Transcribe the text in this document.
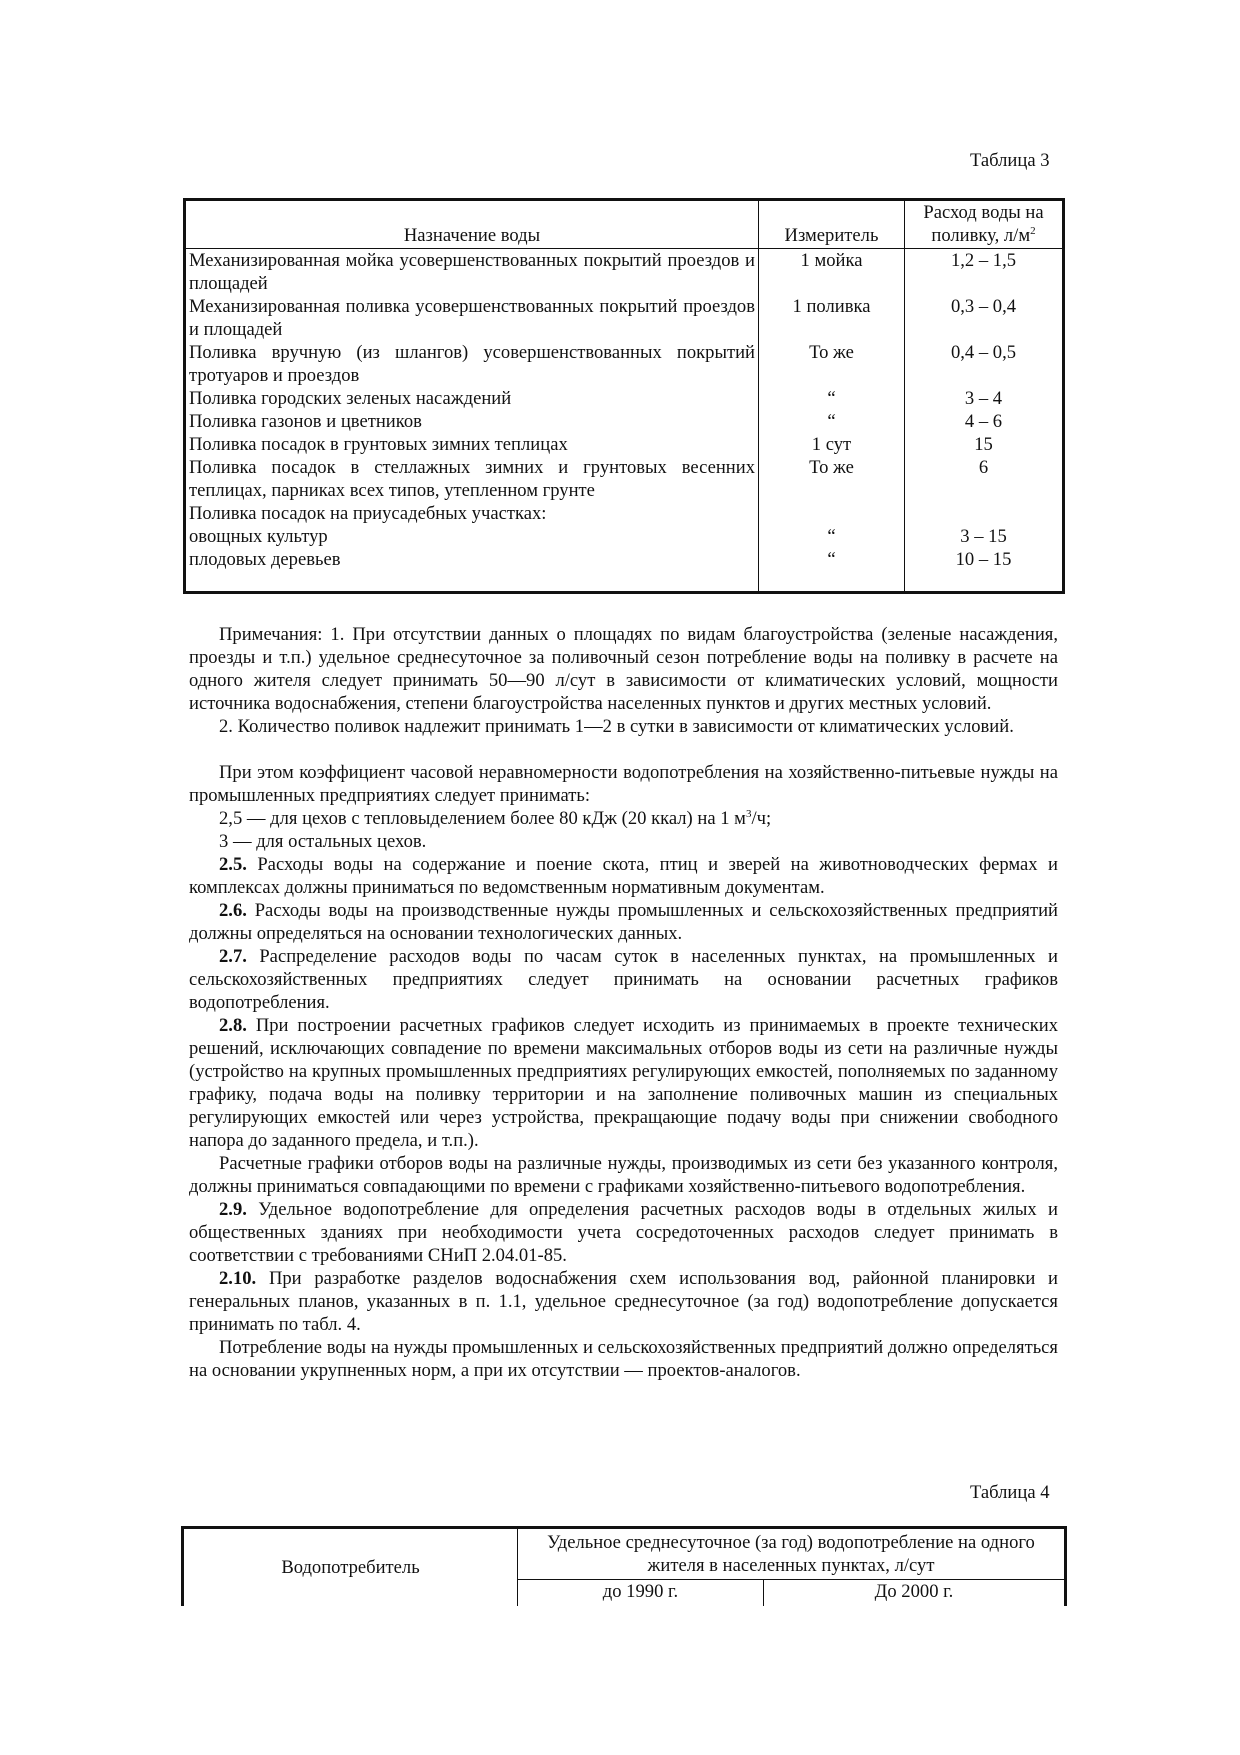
Таблица 3
Назначение воды	Измеритель	Расход воды на
поливку, $л/м^2$
Механизированная мойка усовершенствованных покрытий проездов и площадей	1 мойка	1,2 – 1,5
Механизированная поливка усовершенствованных покрытий проездов и площадей	1 поливка	0,3 – 0,4
Поливка вручную (из шлангов) усовершенствованных покрытий тротуаров и проездов	То же	0,4 – 0,5
Поливка городских зеленых насаждений	“	3 – 4
Поливка газонов и цветников	“	4 – 6
Поливка посадок в грунтовых зимних теплицах	1 сут	15
Поливка посадок в стеллажных зимних и грунтовых весенних теплицах, парниках всех типов, утепленном грунте	То же	6
Поливка посадок на приусадебных участках:		
овощных культур	“	3 – 15
плодовых деревьев	“	10 – 15

Примечания: 1. При отсутствии данных о площадях по видам благоустройства (зеленые насаждения, проезды и т.п.) удельное среднесуточное за поливочный сезон потребление воды на поливку в расчете на одного жителя следует принимать 50—90 л/сут в зависимости от климатических условий, мощности источника водоснабжения, степени благоустройства населенных пунктов и других местных условий.

2. Количество поливок надлежит принимать 1—2 в сутки в зависимости от климатических условий.

При этом коэффициент часовой неравномерности водопотребления на хозяйственно-питьевые нужды на промышленных предприятиях следует принимать:

2,5 — для цехов с тепловыделением более 80 кДж (20 ккал) на 1 $м^3/ч$;

3 — для остальных цехов.

2.5. Расходы воды на содержание и поение скота, птиц и зверей на животноводческих фермах и комплексах должны приниматься по ведомственным нормативным документам.

2.6. Расходы воды на производственные нужды промышленных и сельскохозяйственных предприятий должны определяться на основании технологических данных.

2.7. Распределение расходов воды по часам суток в населенных пунктах, на промышленных и сельскохозяйственных предприятиях следует принимать на основании расчетных графиков водопотребления.

2.8. При построении расчетных графиков следует исходить из принимаемых в проекте технических решений, исключающих совпадение по времени максимальных отборов воды из сети на различные нужды (устройство на крупных промышленных предприятиях регулирующих емкостей, пополняемых по заданному графику, подача воды на поливку территории и на заполнение поливочных машин из специальных регулирующих емкостей или через устройства, прекращающие подачу воды при снижении свободного напора до заданного предела, и т.п.).

Расчетные графики отборов воды на различные нужды, производимых из сети без указанного контроля, должны приниматься совпадающими по времени с графиками хозяйственно-питьевого водопотребления.

2.9. Удельное водопотребление для определения расчетных расходов воды в отдельных жилых и общественных зданиях при необходимости учета сосредоточенных расходов следует принимать в соответствии с требованиями СНиП 2.04.01-85.

2.10. При разработке разделов водоснабжения схем использования вод, районной планировки и генеральных планов, указанных в п. 1.1, удельное среднесуточное (за год) водопотребление допускается принимать по табл. 4.

Потребление воды на нужды промышленных и сельскохозяйственных предприятий должно определяться на основании укрупненных норм, а при их отсутствии — проектов-аналогов.

Таблица 4
Водопотребитель	Удельное среднесуточное (за год) водопотребление на одного жителя в населенных пунктах, л/сут	
	до 1990 г.	До 2000 г.
